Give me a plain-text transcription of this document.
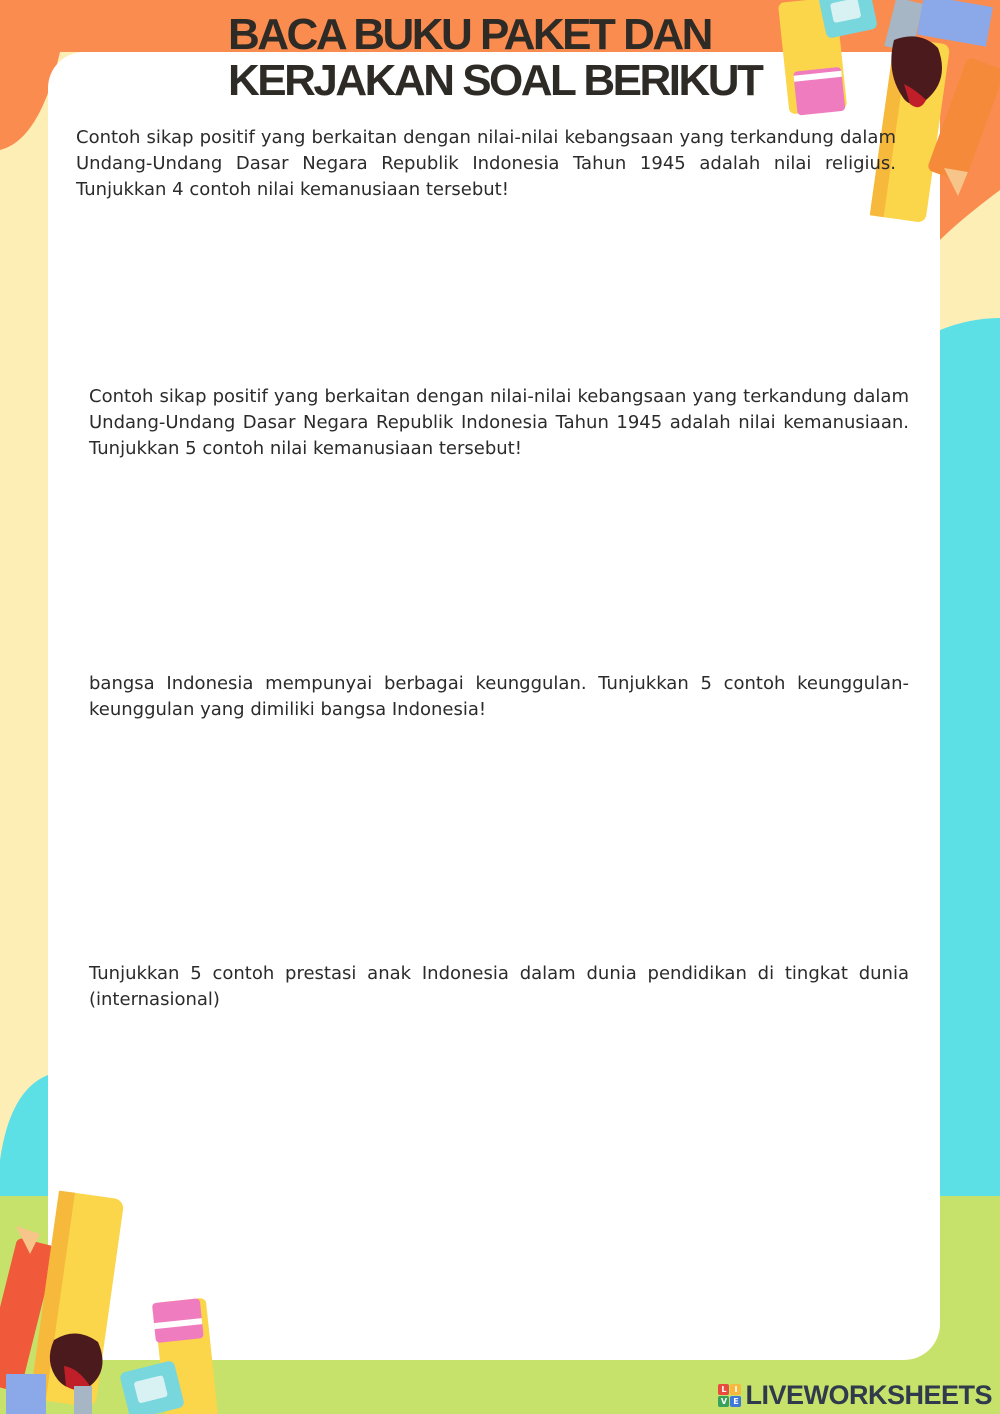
BACA BUKU PAKET DAN
KERJAKAN SOAL BERIKUT

Contoh sikap positif yang berkaitan dengan nilai-nilai kebangsaan yang terkandung dalam Undang-Undang Dasar Negara Republik Indonesia Tahun 1945 adalah nilai religius. Tunjukkan 4 contoh nilai kemanusiaan tersebut!

Contoh sikap positif yang berkaitan dengan nilai-nilai kebangsaan yang terkandung dalam Undang-Undang Dasar Negara Republik Indonesia Tahun 1945 adalah nilai kemanusiaan. Tunjukkan 5 contoh nilai kemanusiaan tersebut!

bangsa Indonesia mempunyai berbagai keunggulan. Tunjukkan 5 contoh keunggulan-keunggulan yang dimiliki bangsa Indonesia!

Tunjukkan 5 contoh prestasi anak Indonesia dalam dunia pendidikan di tingkat dunia (internasional)

L I
V E LIVEWORKSHEETS
